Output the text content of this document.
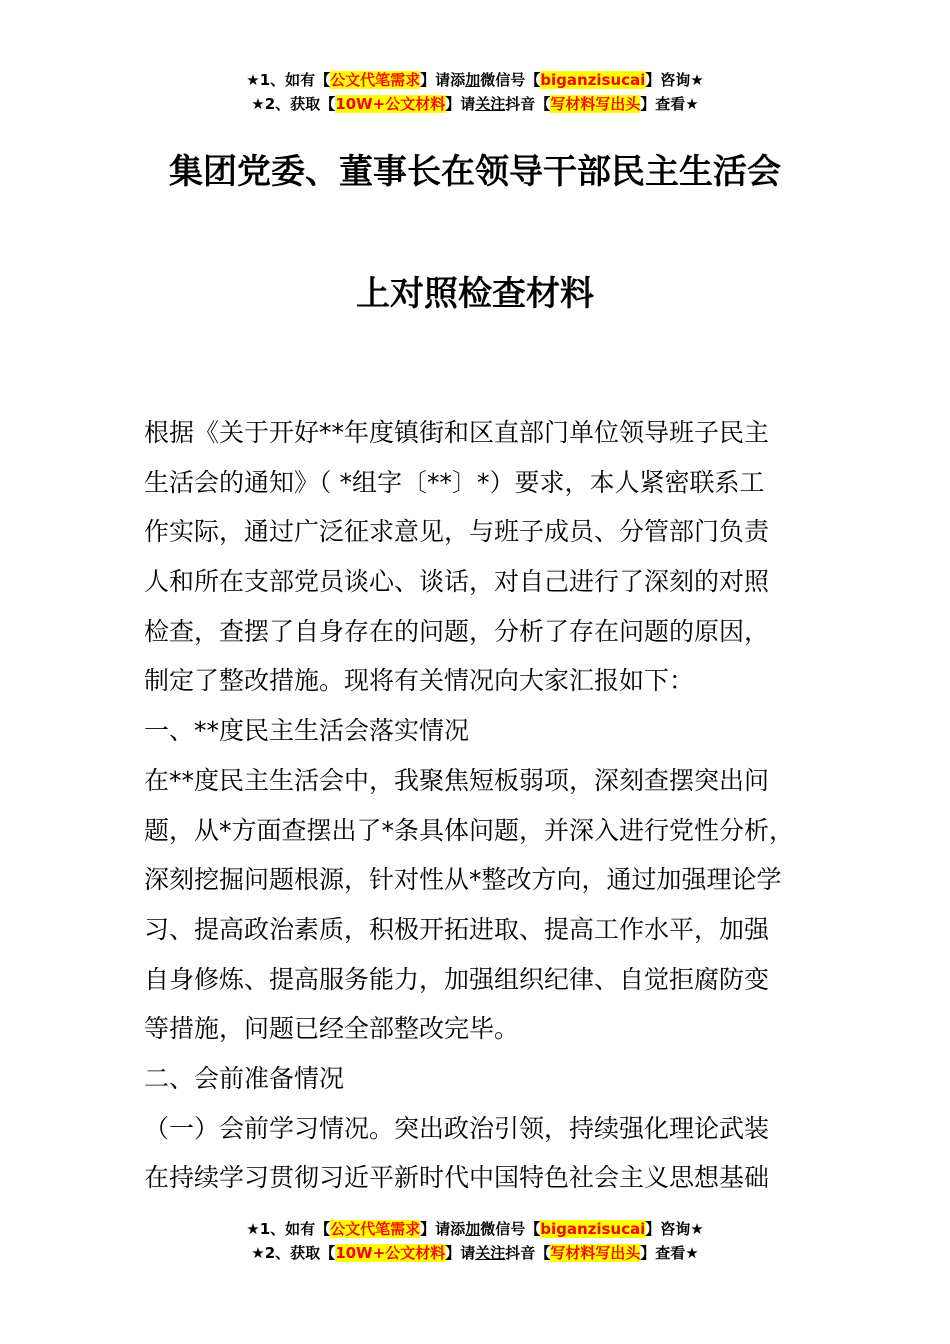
★1、如有【公文代笔需求】请添加微信号【biganzisucai】咨询★
★2、获取【10W+公文材料】请关注抖音【写材料写出头】查看★
集团党委、董事长在领导干部民主生活会
上对照检查材料
根据《关于开好**年度镇街和区直部门单位领导班子民主
生活会的通知》（ *组字〔**〕*）要求，本人紧密联系工
作实际，通过广泛征求意见，与班子成员、分管部门负责
人和所在支部党员谈心、谈话，对自己进行了深刻的对照
检查，查摆了自身存在的问题，分析了存在问题的原因，
制定了整改措施。现将有关情况向大家汇报如下：
一、**度民主生活会落实情况
在**度民主生活会中，我聚焦短板弱项，深刻查摆突出问
题，从*方面查摆出了*条具体问题，并深入进行党性分析，
深刻挖掘问题根源，针对性从*整改方向，通过加强理论学
习、提高政治素质，积极开拓进取、提高工作水平，加强
自身修炼、提高服务能力，加强组织纪律、自觉拒腐防变
等措施，问题已经全部整改完毕。
二、会前准备情况
（一）会前学习情况。突出政治引领，持续强化理论武装
在持续学习贯彻习近平新时代中国特色社会主义思想基础
★1、如有【公文代笔需求】请添加微信号【biganzisucai】咨询★
★2、获取【10W+公文材料】请关注抖音【写材料写出头】查看★
